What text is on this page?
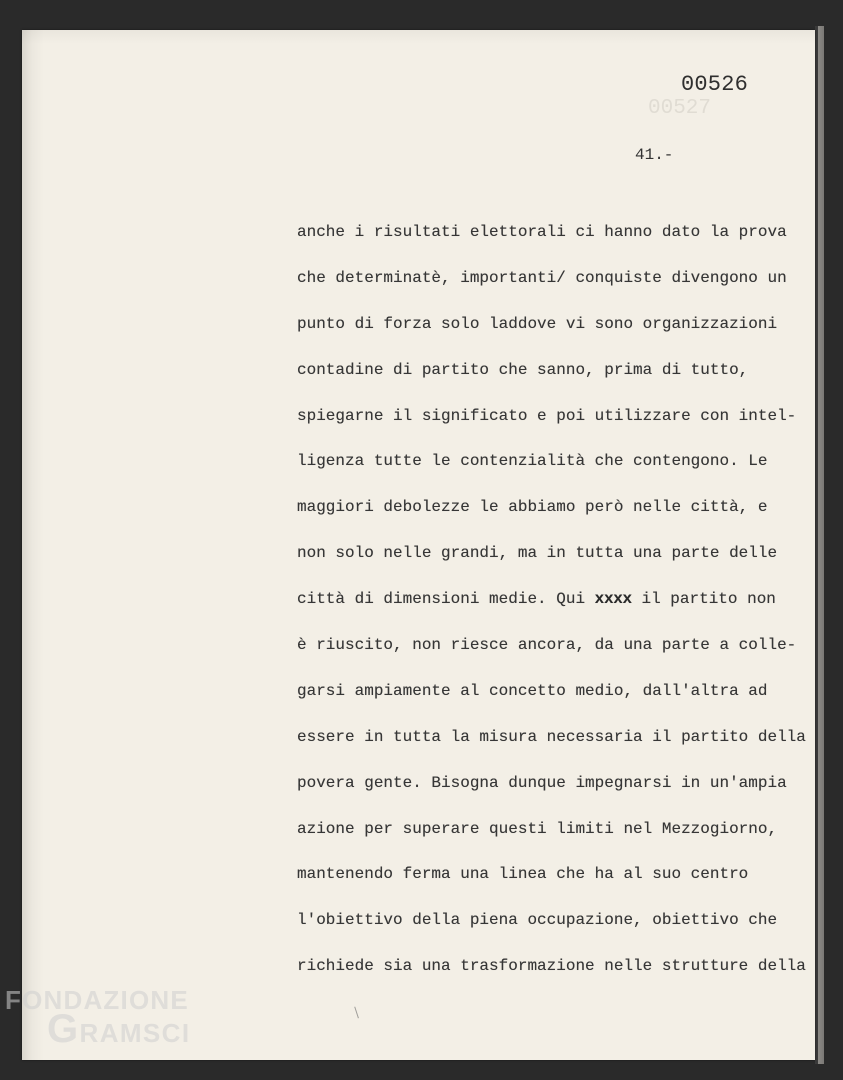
00527
00526
41.-
anche i risultati elettorali ci hanno dato la prova
che determinatè, importanti/ conquiste divengono un
punto di forza solo laddove vi sono organizzazioni
contadine di partito che sanno, prima di tutto,
spiegarne il significato e poi utilizzare con intel-
ligenza tutte le contenzialità che contengono. Le
maggiori debolezze le abbiamo però nelle città, e
non solo nelle grandi, ma in tutta una parte delle
città di dimensioni medie. Qui xxxx il partito non
è riuscito, non riesce ancora, da una parte a colle-
garsi ampiamente al concetto medio, dall'altra ad
essere in tutta la misura necessaria il partito della
povera gente. Bisogna dunque impegnarsi in un'ampia
azione per superare questi limiti nel Mezzogiorno,
mantenendo ferma una linea che ha al suo centro
l'obiettivo della piena occupazione, obiettivo che
richiede sia una trasformazione nelle strutture della
FONDAZIONE
GRAMSCI
